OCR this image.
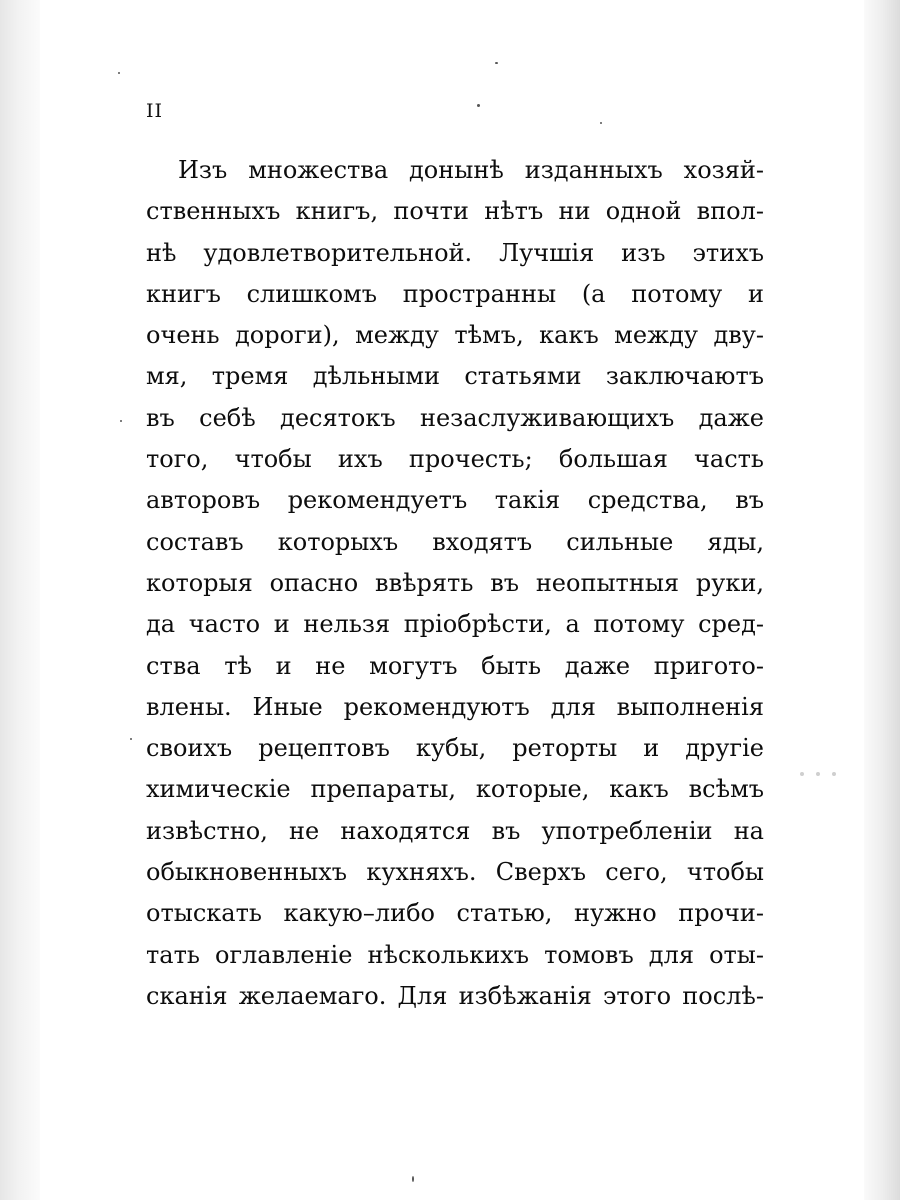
II
Изъ множества донынѣ изданныхъ хозяй-
ственныхъ книгъ, почти нѣтъ ни одной впол-
нѣ удовлетворительной. Лучшія изъ этихъ
книгъ слишкомъ пространны (а потому и
очень дороги), между тѣмъ, какъ между дву-
мя, тремя дѣльными статьями заключаютъ
въ себѣ десятокъ незаслуживающихъ даже
того, чтобы ихъ прочесть; большая часть
авторовъ рекомендуетъ такія средства, въ
составъ которыхъ входятъ сильные яды,
которыя опасно ввѣрять въ неопытныя руки,
да часто и нельзя пріобрѣсти, а потому сред-
ства тѣ и не могутъ быть даже пригото-
влены. Иные рекомендуютъ для выполненія
своихъ рецептовъ кубы, реторты и другіе
химическіе препараты, которые, какъ всѣмъ
извѣстно, не находятся въ употребленіи на
обыкновенныхъ кухняхъ. Сверхъ сего, чтобы
отыскать какую–либо статью, нужно прочи-
тать оглавленіе нѣсколькихъ томовъ для оты-
сканія желаемаго. Для избѣжанія этого послѣ-
